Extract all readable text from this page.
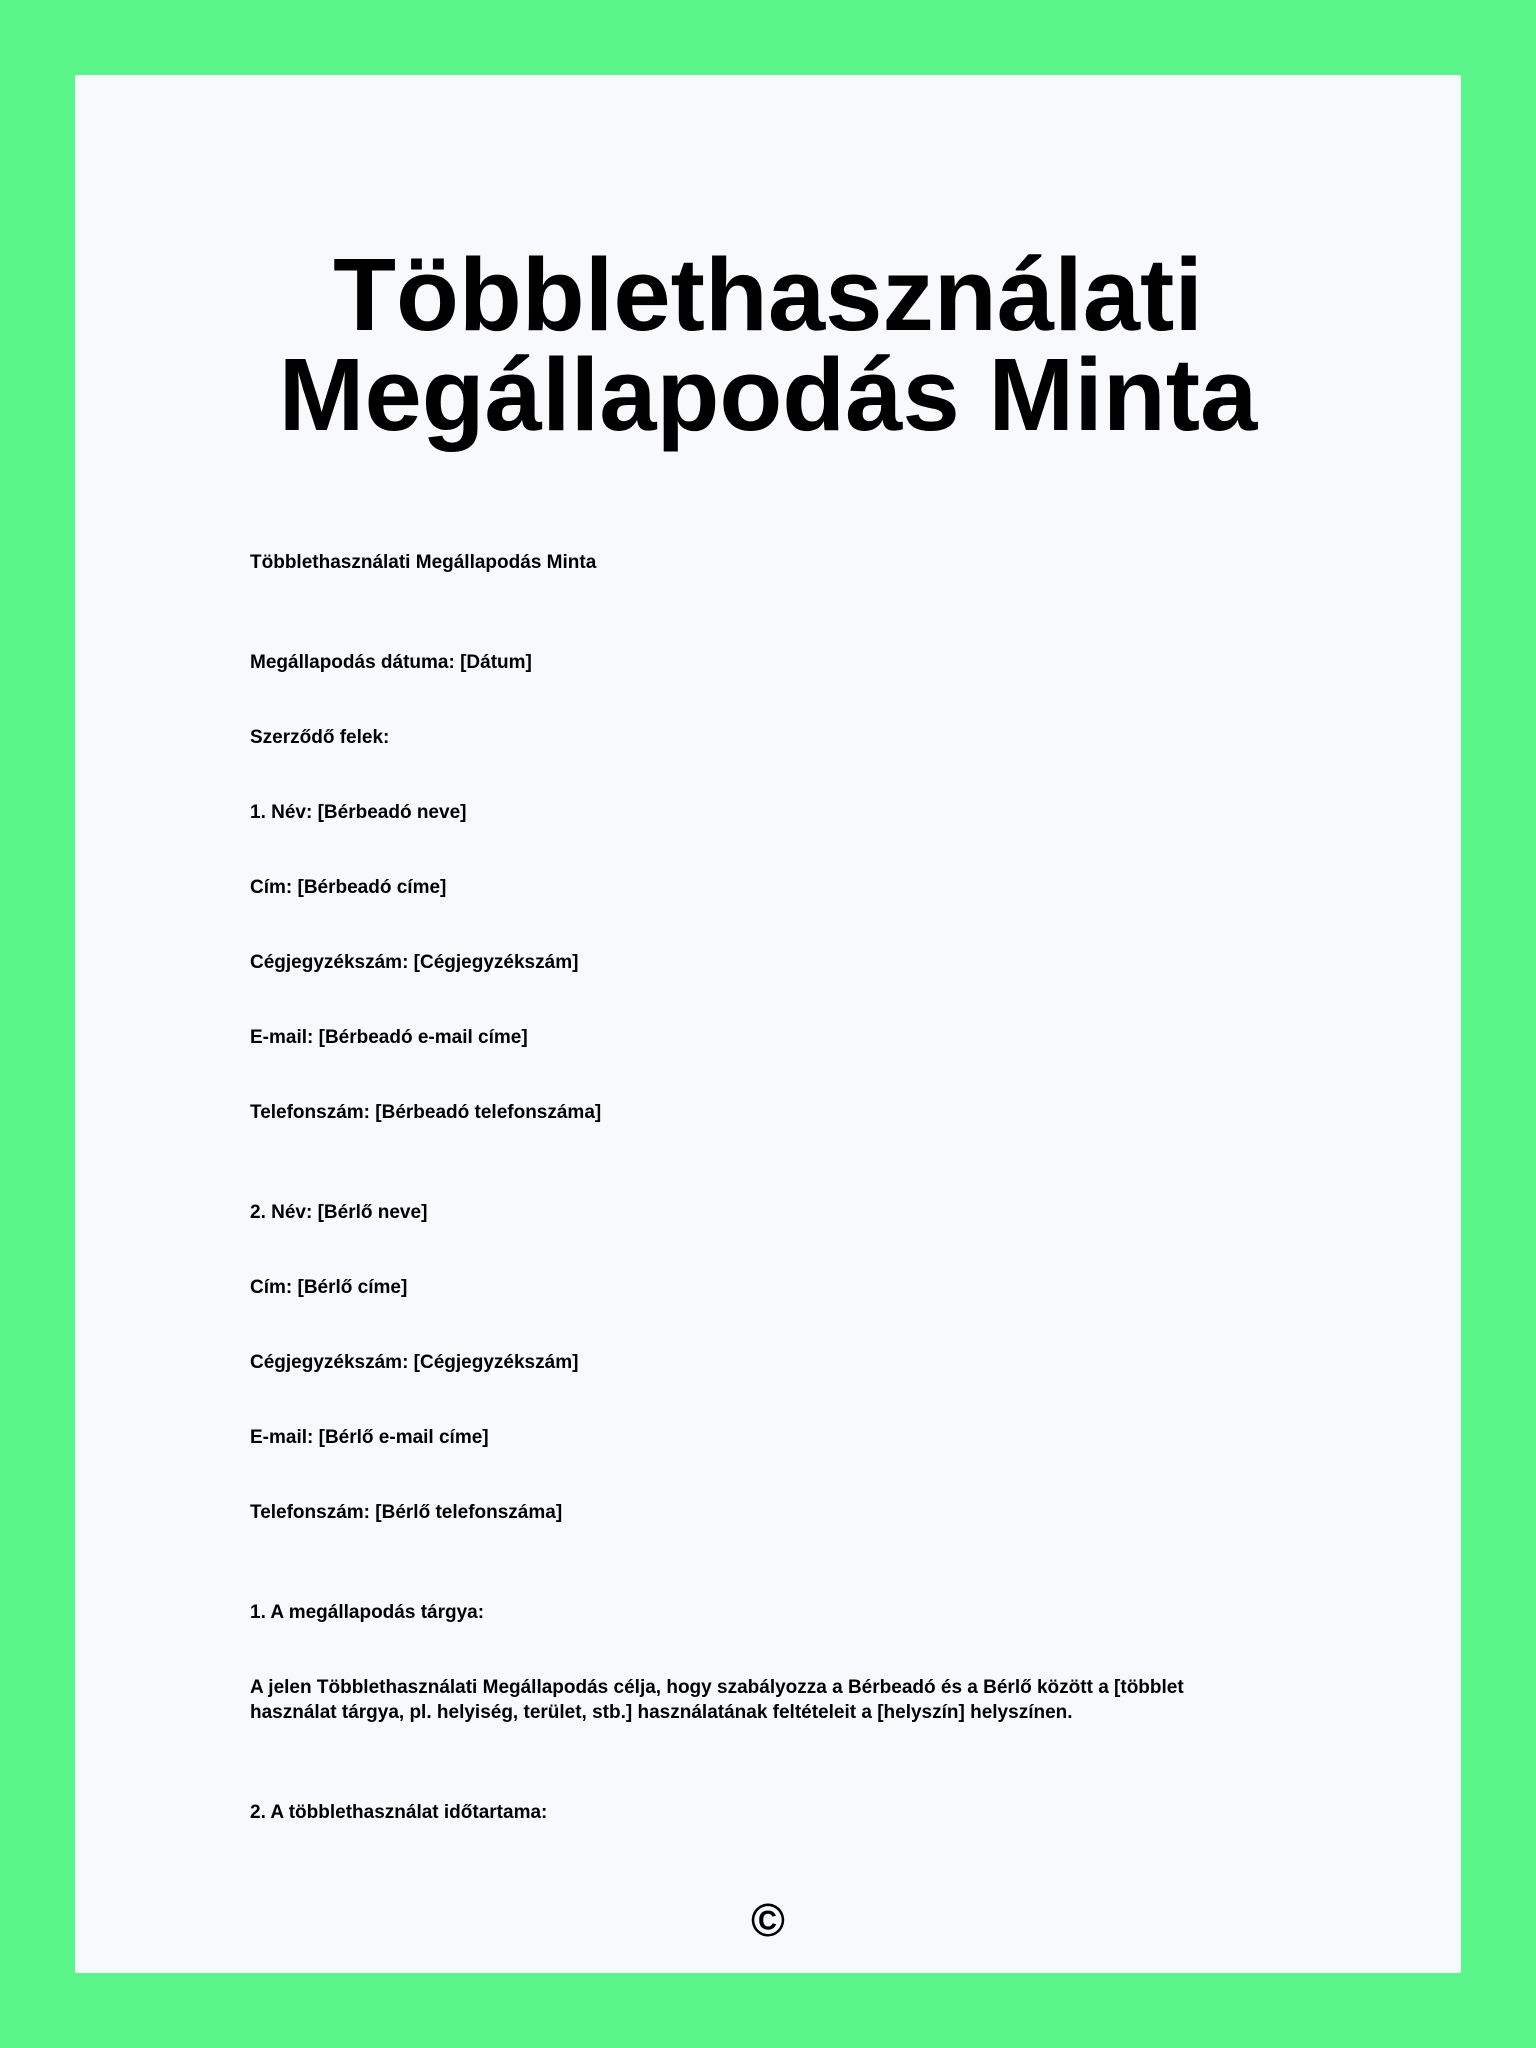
Többlethasználati Megállapodás Minta

Többlethasználati Megállapodás Minta

Megállapodás dátuma: [Dátum]

Szerződő felek:

1. Név: [Bérbeadó neve]

Cím: [Bérbeadó címe]

Cégjegyzékszám: [Cégjegyzékszám]

E-mail: [Bérbeadó e-mail címe]

Telefonszám: [Bérbeadó telefonszáma]

2. Név: [Bérlő neve]

Cím: [Bérlő címe]

Cégjegyzékszám: [Cégjegyzékszám]

E-mail: [Bérlő e-mail címe]

Telefonszám: [Bérlő telefonszáma]

1. A megállapodás tárgya:

A jelen Többlethasználati Megállapodás célja, hogy szabályozza a Bérbeadó és a Bérlő között a [többlet használat tárgya, pl. helyiség, terület, stb.] használatának feltételeit a [helyszín] helyszínen.

2. A többlethasználat időtartama:

©
